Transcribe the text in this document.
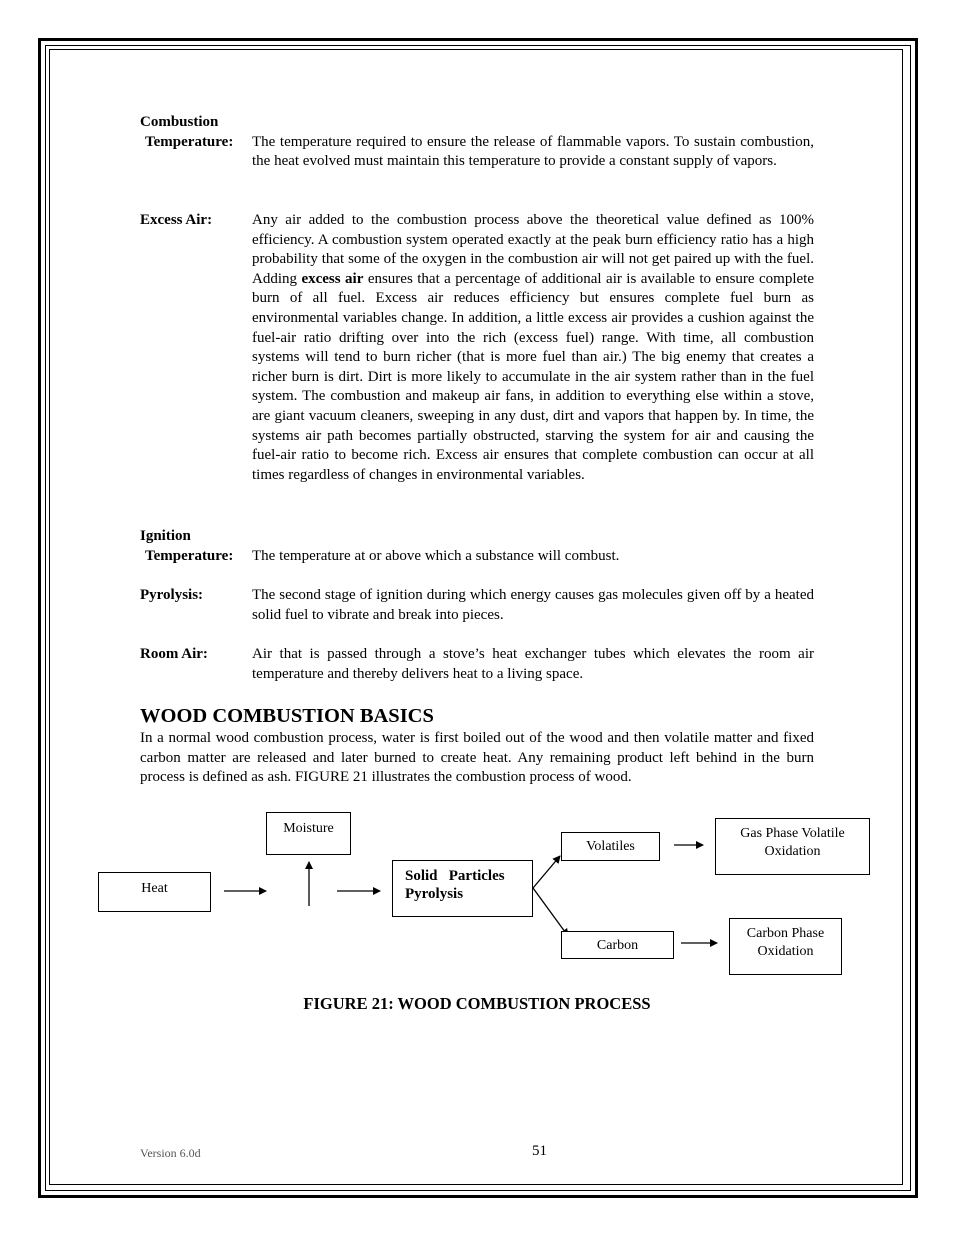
Combustion
Temperature:	The temperature required to ensure the release of flammable vapors. To sustain combustion, the heat evolved must maintain this temperature to provide a constant supply of vapors.
Excess Air:	Any air added to the combustion process above the theoretical value defined as 100% efficiency. A combustion system operated exactly at the peak burn efficiency ratio has a high probability that some of the oxygen in the combustion air will not get paired up with the fuel. Adding excess air ensures that a percentage of additional air is available to ensure complete burn of all fuel. Excess air reduces efficiency but ensures complete fuel burn as environmental variables change. In addition, a little excess air provides a cushion against the fuel-air ratio drifting over into the rich (excess fuel) range. With time, all combustion systems will tend to burn richer (that is more fuel than air.) The big enemy that creates a richer burn is dirt. Dirt is more likely to accumulate in the air system rather than in the fuel system. The combustion and makeup air fans, in addition to everything else within a stove, are giant vacuum cleaners, sweeping in any dust, dirt and vapors that happen by. In time, the systems air path becomes partially obstructed, starving the system for air and causing the fuel-air ratio to become rich. Excess air ensures that complete combustion can occur at all times regardless of changes in environmental variables.
Ignition
Temperature:	The temperature at or above which a substance will combust.
Pyrolysis:	The second stage of ignition during which energy causes gas molecules given off by a heated solid fuel to vibrate and break into pieces.
Room Air:	Air that is passed through a stove’s heat exchanger tubes which elevates the room air temperature and thereby delivers heat to a living space.
WOOD COMBUSTION BASICS
In a normal wood combustion process, water is first boiled out of the wood and then volatile matter and fixed carbon matter are released and later burned to create heat. Any remaining product left behind in the burn process is defined as ash. FIGURE 21 illustrates the combustion process of wood.
Heat
Moisture
Solid   Particles
Pyrolysis
Volatiles
Carbon
Gas Phase Volatile
Oxidation
Carbon Phase
Oxidation
FIGURE 21: WOOD COMBUSTION PROCESS
Version 6.0d	51
